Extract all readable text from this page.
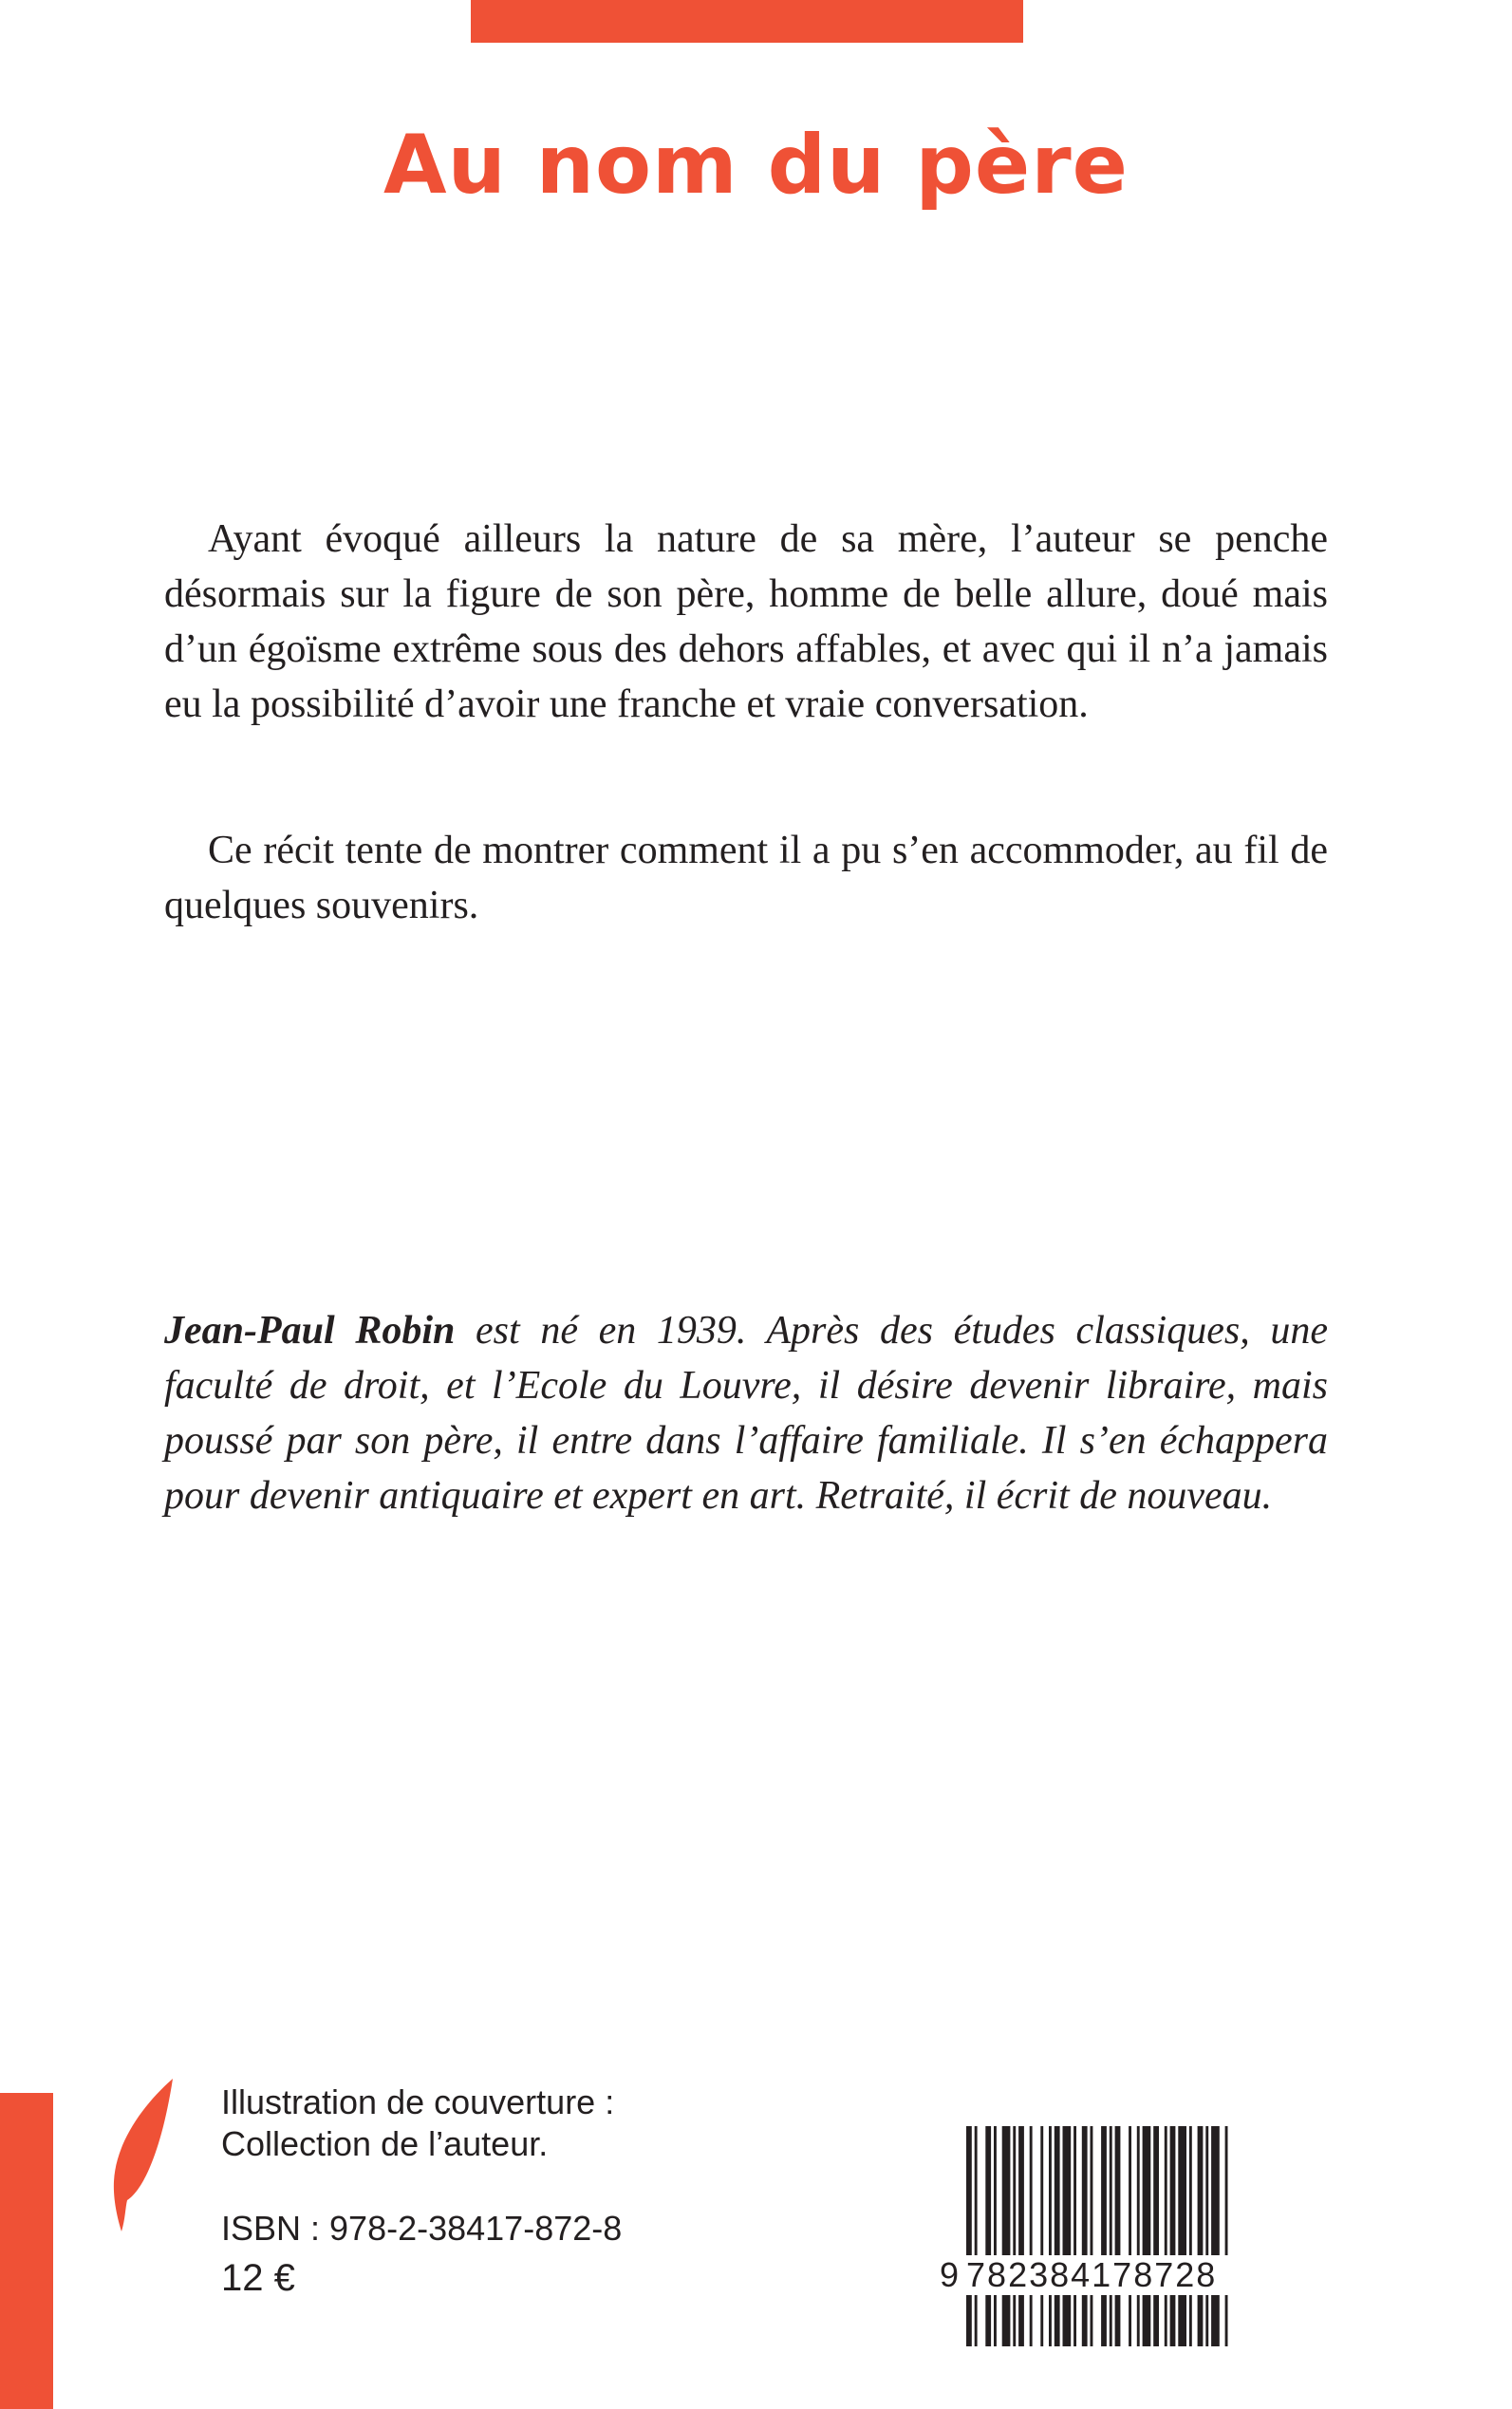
Au nom du père

Ayant évoqué ailleurs la nature de sa mère, l’auteur se penche désormais sur la figure de son père, homme de belle allure, doué mais d’un égoïsme extrême sous des dehors affables, et avec qui il n’a jamais eu la possibilité d’avoir une franche et vraie conversation.

Ce récit tente de montrer comment il a pu s’en accommoder, au fil de quelques souvenirs.

Jean-Paul Robin est né en 1939. Après des études classiques, une faculté de droit, et l’Ecole du Louvre, il désire devenir libraire, mais poussé par son père, il entre dans l’affaire familiale. Il s’en échappera pour devenir antiquaire et expert en art. Retraité, il écrit de nouveau.

Illustration de couverture :
Collection de l’auteur.
ISBN : 978-2-38417-872-8
12 €	9 782384178728
